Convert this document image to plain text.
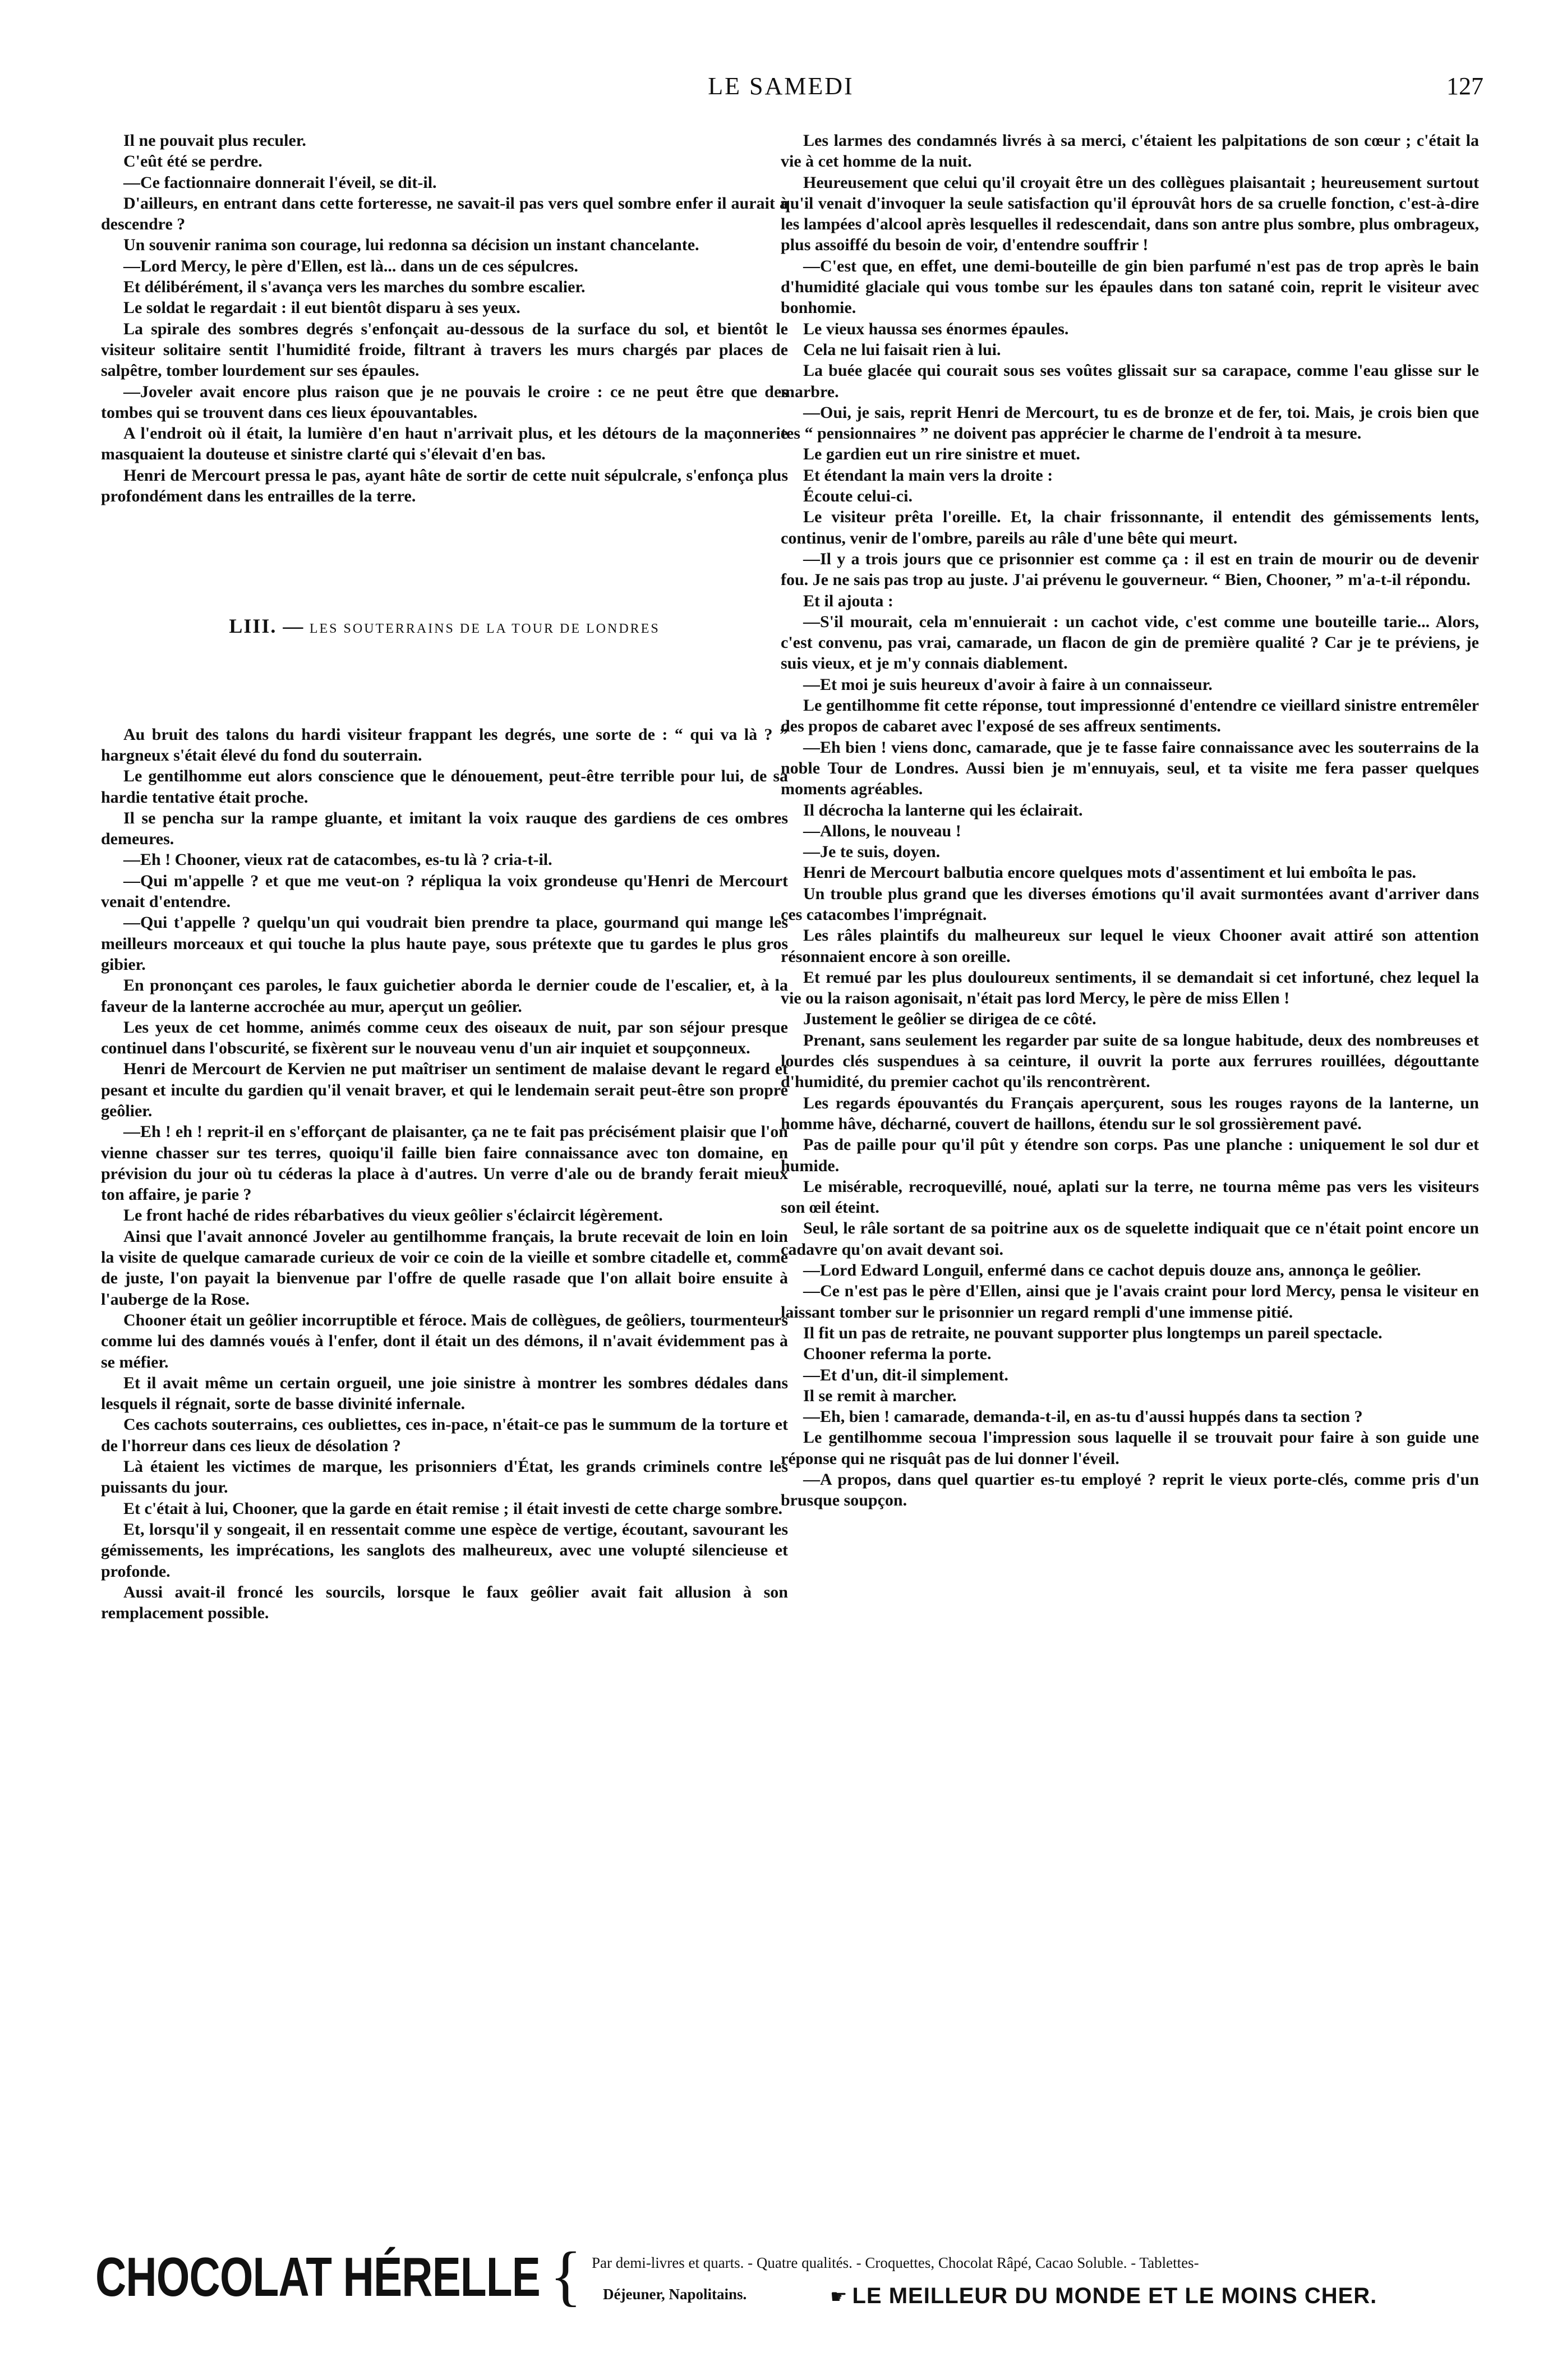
LE SAMEDI	127

Il ne pouvait plus reculer.

C'eût été se perdre.

—Ce factionnaire donnerait l'éveil, se dit-il.

D'ailleurs, en entrant dans cette forteresse, ne savait-il pas vers quel sombre enfer il aurait à descendre ?

Un souvenir ranima son courage, lui redonna sa décision un instant chancelante.

—Lord Mercy, le père d'Ellen, est là... dans un de ces sépulcres.

Et délibérément, il s'avança vers les marches du sombre escalier.

Le soldat le regardait : il eut bientôt disparu à ses yeux.

La spirale des sombres degrés s'enfonçait au-dessous de la surface du sol, et bientôt le visiteur solitaire sentit l'humidité froide, filtrant à travers les murs chargés par places de salpêtre, tomber lourdement sur ses épaules.

—Joveler avait encore plus raison que je ne pouvais le croire : ce ne peut être que des tombes qui se trouvent dans ces lieux épouvantables.

A l'endroit où il était, la lumière d'en haut n'arrivait plus, et les détours de la maçonnerie masquaient la douteuse et sinistre clarté qui s'élevait d'en bas.

Henri de Mercourt pressa le pas, ayant hâte de sortir de cette nuit sépulcrale, s'enfonça plus profondément dans les entrailles de la terre.

LIII. — LES SOUTERRAINS DE LA TOUR DE LONDRES

Au bruit des talons du hardi visiteur frappant les degrés, une sorte de : “ qui va là ? ” hargneux s'était élevé du fond du souterrain.

Le gentilhomme eut alors conscience que le dénouement, peut-être terrible pour lui, de sa hardie tentative était proche.

Il se pencha sur la rampe gluante, et imitant la voix rauque des gardiens de ces ombres demeures.

—Eh ! Chooner, vieux rat de catacombes, es-tu là ? cria-t-il.

—Qui m'appelle ? et que me veut-on ? répliqua la voix grondeuse qu'Henri de Mercourt venait d'entendre.

—Qui t'appelle ? quelqu'un qui voudrait bien prendre ta place, gourmand qui mange les meilleurs morceaux et qui touche la plus haute paye, sous prétexte que tu gardes le plus gros gibier.

En prononçant ces paroles, le faux guichetier aborda le dernier coude de l'escalier, et, à la faveur de la lanterne accrochée au mur, aperçut un geôlier.

Les yeux de cet homme, animés comme ceux des oiseaux de nuit, par son séjour presque continuel dans l'obscurité, se fixèrent sur le nouveau venu d'un air inquiet et soupçonneux.

Henri de Mercourt de Kervien ne put maîtriser un sentiment de malaise devant le regard et pesant et inculte du gardien qu'il venait braver, et qui le lendemain serait peut-être son propre geôlier.

—Eh ! eh ! reprit-il en s'efforçant de plaisanter, ça ne te fait pas précisément plaisir que l'on vienne chasser sur tes terres, quoiqu'il faille bien faire connaissance avec ton domaine, en prévision du jour où tu céderas la place à d'autres. Un verre d'ale ou de brandy ferait mieux ton affaire, je parie ?

Le front haché de rides rébarbatives du vieux geôlier s'éclaircit légèrement.

Ainsi que l'avait annoncé Joveler au gentilhomme français, la brute recevait de loin en loin la visite de quelque camarade curieux de voir ce coin de la vieille et sombre citadelle et, comme de juste, l'on payait la bienvenue par l'offre de quelle rasade que l'on allait boire ensuite à l'auberge de la Rose.

Chooner était un geôlier incorruptible et féroce. Mais de collègues, de geôliers, tourmenteurs comme lui des damnés voués à l'enfer, dont il était un des démons, il n'avait évidemment pas à se méfier.

Et il avait même un certain orgueil, une joie sinistre à montrer les sombres dédales dans lesquels il régnait, sorte de basse divinité infernale.

Ces cachots souterrains, ces oubliettes, ces in-pace, n'était-ce pas le summum de la torture et de l'horreur dans ces lieux de désolation ?

Là étaient les victimes de marque, les prisonniers d'État, les grands criminels contre les puissants du jour.

Et c'était à lui, Chooner, que la garde en était remise ; il était investi de cette charge sombre.

Et, lorsqu'il y songeait, il en ressentait comme une espèce de vertige, écoutant, savourant les gémissements, les imprécations, les sanglots des malheureux, avec une volupté silencieuse et profonde.

Aussi avait-il froncé les sourcils, lorsque le faux geôlier avait fait allusion à son remplacement possible.

Les larmes des condamnés livrés à sa merci, c'étaient les palpitations de son cœur ; c'était la vie à cet homme de la nuit.

Heureusement que celui qu'il croyait être un des collègues plaisantait ; heureusement surtout qu'il venait d'invoquer la seule satisfaction qu'il éprouvât hors de sa cruelle fonction, c'est-à-dire les lampées d'alcool après lesquelles il redescendait, dans son antre plus sombre, plus ombrageux, plus assoiffé du besoin de voir, d'entendre souffrir !

—C'est que, en effet, une demi-bouteille de gin bien parfumé n'est pas de trop après le bain d'humidité glaciale qui vous tombe sur les épaules dans ton satané coin, reprit le visiteur avec bonhomie.

Le vieux haussa ses énormes épaules.

Cela ne lui faisait rien à lui.

La buée glacée qui courait sous ses voûtes glissait sur sa carapace, comme l'eau glisse sur le marbre.

—Oui, je sais, reprit Henri de Mercourt, tu es de bronze et de fer, toi. Mais, je crois bien que tes “ pensionnaires ” ne doivent pas apprécier le charme de l'endroit à ta mesure.

Le gardien eut un rire sinistre et muet.

Et étendant la main vers la droite :

Écoute celui-ci.

Le visiteur prêta l'oreille. Et, la chair frissonnante, il entendit des gémissements lents, continus, venir de l'ombre, pareils au râle d'une bête qui meurt.

—Il y a trois jours que ce prisonnier est comme ça : il est en train de mourir ou de devenir fou. Je ne sais pas trop au juste. J'ai prévenu le gouverneur. “ Bien, Chooner, ” m'a-t-il répondu.

Et il ajouta :

—S'il mourait, cela m'ennuierait : un cachot vide, c'est comme une bouteille tarie... Alors, c'est convenu, pas vrai, camarade, un flacon de gin de première qualité ? Car je te préviens, je suis vieux, et je m'y connais diablement.

—Et moi je suis heureux d'avoir à faire à un connaisseur.

Le gentilhomme fit cette réponse, tout impressionné d'entendre ce vieillard sinistre entremêler des propos de cabaret avec l'exposé de ses affreux sentiments.

—Eh bien ! viens donc, camarade, que je te fasse faire connaissance avec les souterrains de la noble Tour de Londres. Aussi bien je m'ennuyais, seul, et ta visite me fera passer quelques moments agréables.

Il décrocha la lanterne qui les éclairait.

—Allons, le nouveau !

—Je te suis, doyen.

Henri de Mercourt balbutia encore quelques mots d'assentiment et lui emboîta le pas.

Un trouble plus grand que les diverses émotions qu'il avait surmontées avant d'arriver dans ces catacombes l'imprégnait.

Les râles plaintifs du malheureux sur lequel le vieux Chooner avait attiré son attention résonnaient encore à son oreille.

Et remué par les plus douloureux sentiments, il se demandait si cet infortuné, chez lequel la vie ou la raison agonisait, n'était pas lord Mercy, le père de miss Ellen !

Justement le geôlier se dirigea de ce côté.

Prenant, sans seulement les regarder par suite de sa longue habitude, deux des nombreuses et lourdes clés suspendues à sa ceinture, il ouvrit la porte aux ferrures rouillées, dégouttante d'humidité, du premier cachot qu'ils rencontrèrent.

Les regards épouvantés du Français aperçurent, sous les rouges rayons de la lanterne, un homme hâve, décharné, couvert de haillons, étendu sur le sol grossièrement pavé.

Pas de paille pour qu'il pût y étendre son corps. Pas une planche : uniquement le sol dur et humide.

Le misérable, recroquevillé, noué, aplati sur la terre, ne tourna même pas vers les visiteurs son œil éteint.

Seul, le râle sortant de sa poitrine aux os de squelette indiquait que ce n'était point encore un cadavre qu'on avait devant soi.

—Lord Edward Longuil, enfermé dans ce cachot depuis douze ans, annonça le geôlier.

—Ce n'est pas le père d'Ellen, ainsi que je l'avais craint pour lord Mercy, pensa le visiteur en laissant tomber sur le prisonnier un regard rempli d'une immense pitié.

Il fit un pas de retraite, ne pouvant supporter plus longtemps un pareil spectacle.

Chooner referma la porte.

—Et d'un, dit-il simplement.

Il se remit à marcher.

—Eh, bien ! camarade, demanda-t-il, en as-tu d'aussi huppés dans ta section ?

Le gentilhomme secoua l'impression sous laquelle il se trouvait pour faire à son guide une réponse qui ne risquât pas de lui donner l'éveil.

—A propos, dans quel quartier es-tu employé ? reprit le vieux porte-clés, comme pris d'un brusque soupçon.

CHOCOLAT HÉRELLE { Par demi-livres et quarts. - Quatre qualités. - Croquettes, Chocolat Râpé, Cacao Soluble. - Tablettes-
Déjeuner, Napolitains.	☛ LE MEILLEUR DU MONDE ET LE MOINS CHER.
